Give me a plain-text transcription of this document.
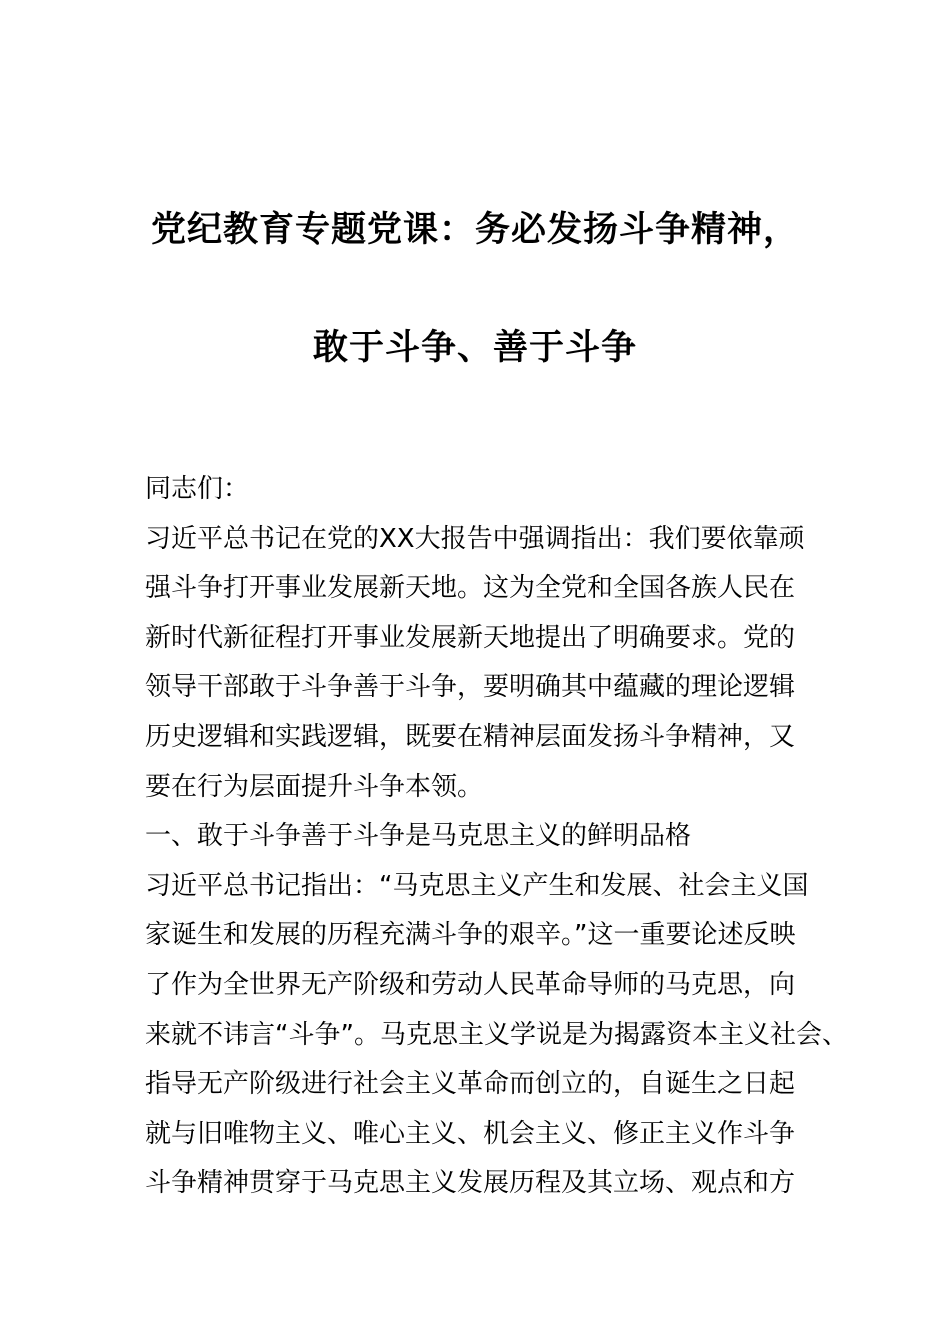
党纪教育专题党课：务必发扬斗争精神，
敢于斗争、善于斗争
同志们：
习近平总书记在党的XX大报告中强调指出：我们要依靠顽
强斗争打开事业发展新天地。这为全党和全国各族人民在
新时代新征程打开事业发展新天地提出了明确要求。党的
领导干部敢于斗争善于斗争，要明确其中蕴藏的理论逻辑
历史逻辑和实践逻辑，既要在精神层面发扬斗争精神，又
要在行为层面提升斗争本领。
一、敢于斗争善于斗争是马克思主义的鲜明品格
习近平总书记指出：“马克思主义产生和发展、社会主义国
家诞生和发展的历程充满斗争的艰辛。”这一重要论述反映
了作为全世界无产阶级和劳动人民革命导师的马克思，向
来就不讳言“斗争”。马克思主义学说是为揭露资本主义社会、
指导无产阶级进行社会主义革命而创立的，自诞生之日起
就与旧唯物主义、唯心主义、机会主义、修正主义作斗争
斗争精神贯穿于马克思主义发展历程及其立场、观点和方
